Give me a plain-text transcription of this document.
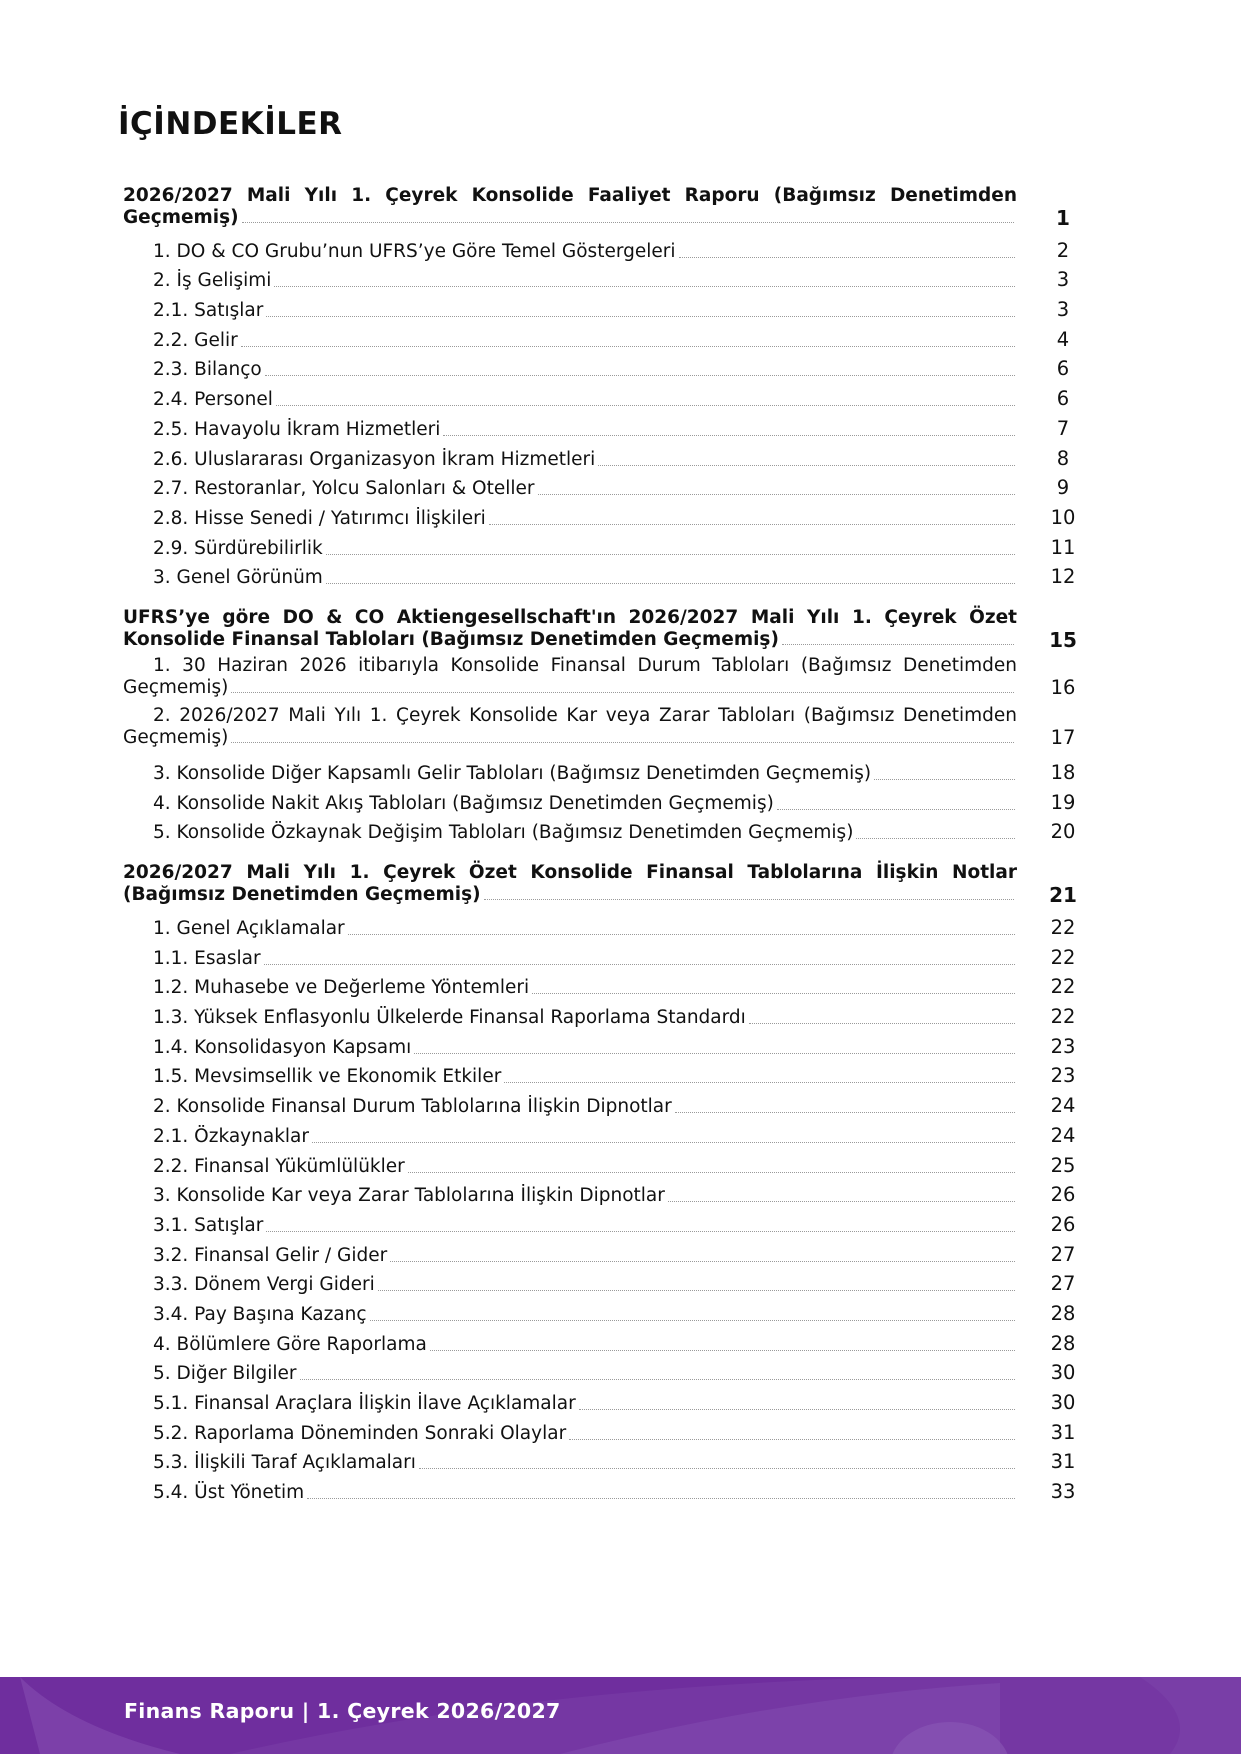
İÇİNDEKİLER
2026/2027 Mali Yılı 1. Çeyrek Konsolide Faaliyet Raporu (Bağımsız Denetimden Geçmemiş)	1
1. DO & CO Grubu’nun UFRS’ye Göre Temel Göstergeleri	2
2. İş Gelişimi	3
2.1. Satışlar	3
2.2. Gelir	4
2.3. Bilanço	6
2.4. Personel	6
2.5. Havayolu İkram Hizmetleri	7
2.6. Uluslararası Organizasyon İkram Hizmetleri	8
2.7. Restoranlar, Yolcu Salonları & Oteller	9
2.8. Hisse Senedi / Yatırımcı İlişkileri	10
2.9. Sürdürebilirlik	11
3. Genel Görünüm	12
UFRS’ye göre DO & CO Aktiengesellschaft'ın 2026/2027 Mali Yılı 1. Çeyrek Özet Konsolide Finansal Tabloları (Bağımsız Denetimden Geçmemiş)	15
1. 30 Haziran 2026 itibarıyla Konsolide Finansal Durum Tabloları (Bağımsız Denetimden Geçmemiş)	16
2. 2026/2027 Mali Yılı 1. Çeyrek Konsolide Kar veya Zarar Tabloları (Bağımsız Denetimden Geçmemiş)	17
3. Konsolide Diğer Kapsamlı Gelir Tabloları (Bağımsız Denetimden Geçmemiş)	18
4. Konsolide Nakit Akış Tabloları (Bağımsız Denetimden Geçmemiş)	19
5. Konsolide Özkaynak Değişim Tabloları (Bağımsız Denetimden Geçmemiş)	20
2026/2027 Mali Yılı 1. Çeyrek Özet Konsolide Finansal Tablolarına İlişkin Notlar (Bağımsız Denetimden Geçmemiş)	21
1. Genel Açıklamalar	22
1.1. Esaslar	22
1.2. Muhasebe ve Değerleme Yöntemleri	22
1.3. Yüksek Enflasyonlu Ülkelerde Finansal Raporlama Standardı	22
1.4. Konsolidasyon Kapsamı	23
1.5. Mevsimsellik ve Ekonomik Etkiler	23
2. Konsolide Finansal Durum Tablolarına İlişkin Dipnotlar	24
2.1. Özkaynaklar	24
2.2. Finansal Yükümlülükler	25
3. Konsolide Kar veya Zarar Tablolarına İlişkin Dipnotlar	26
3.1. Satışlar	26
3.2. Finansal Gelir / Gider	27
3.3. Dönem Vergi Gideri	27
3.4. Pay Başına Kazanç	28
4. Bölümlere Göre Raporlama	28
5. Diğer Bilgiler	30
5.1. Finansal Araçlara İlişkin İlave Açıklamalar	30
5.2. Raporlama Döneminden Sonraki Olaylar	31
5.3. İlişkili Taraf Açıklamaları	31
5.4. Üst Yönetim	33
Finans Raporu | 1. Çeyrek 2026/2027
